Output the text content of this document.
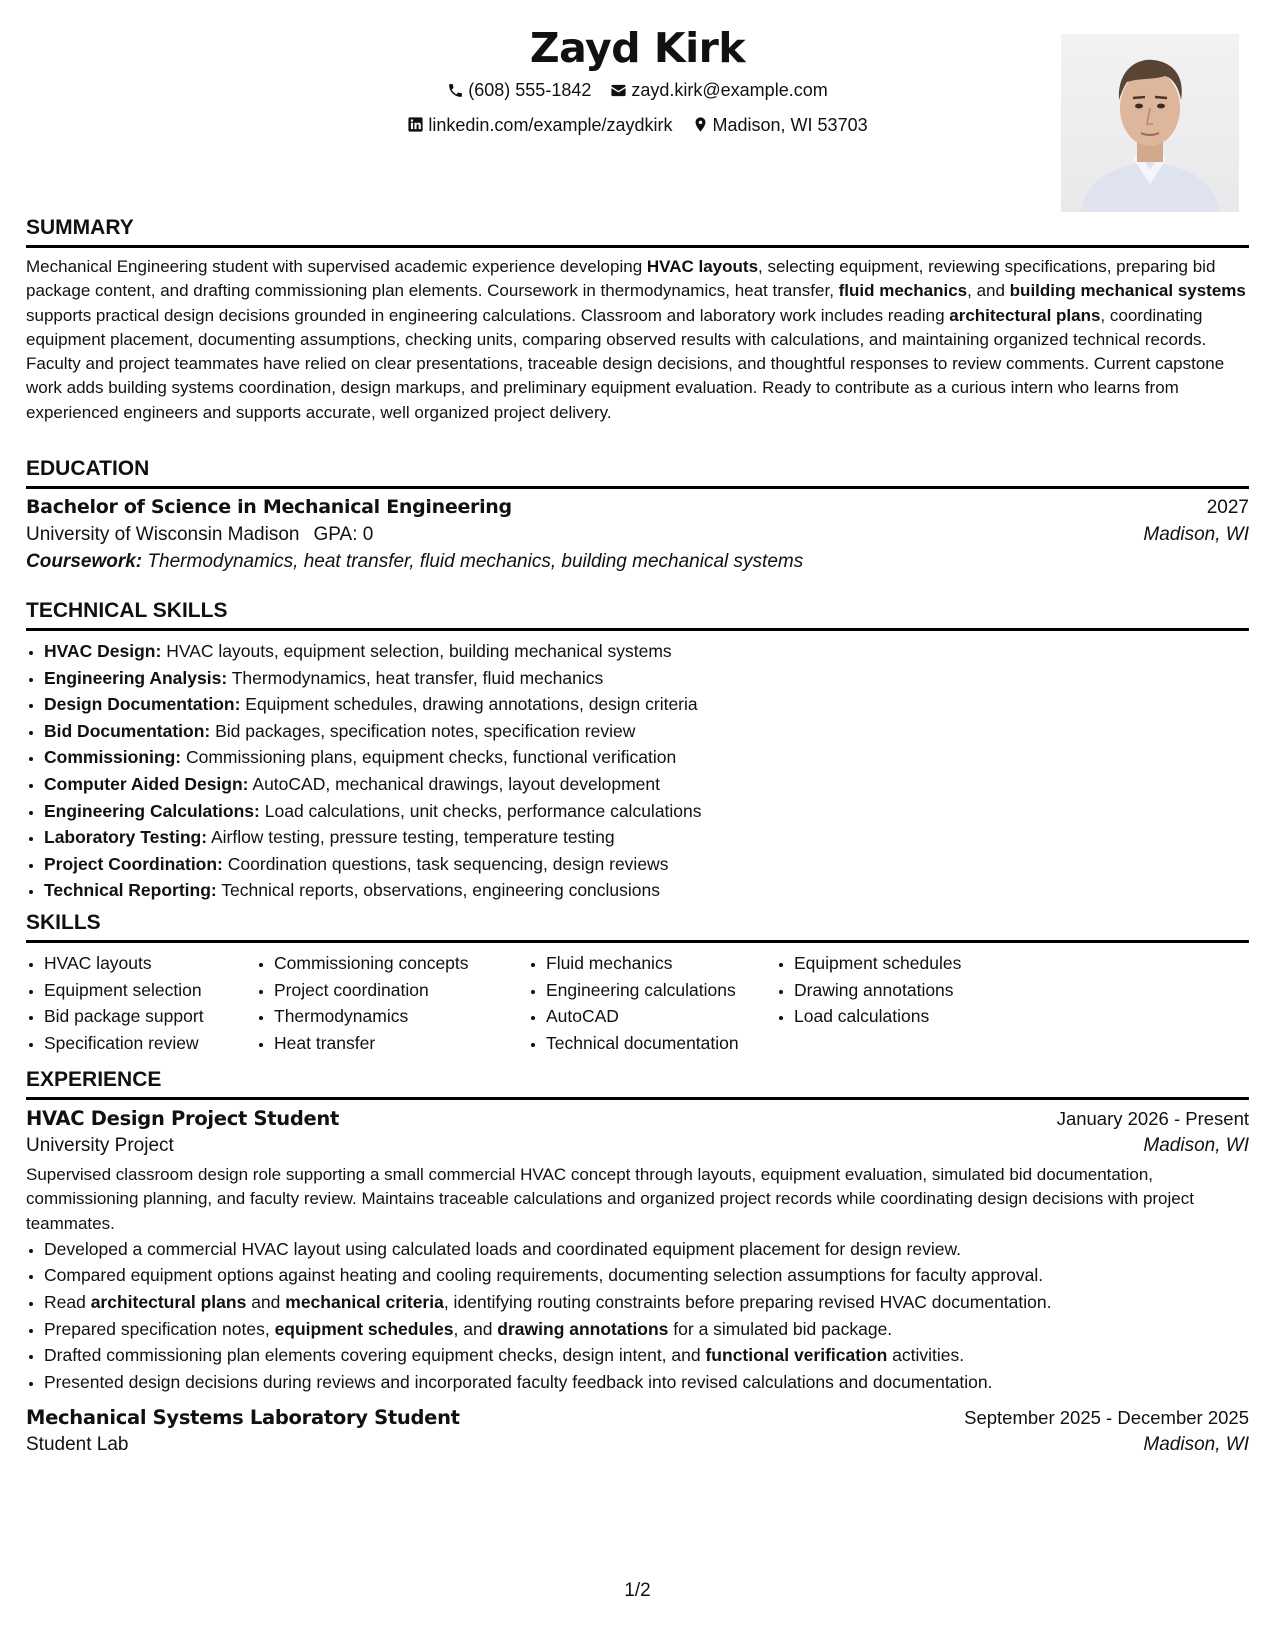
Zayd Kirk
(608) 555-1842
zayd.kirk@example.com
linkedin.com/example/zaydkirk
Madison, WI 53703
SUMMARY

Mechanical Engineering student with supervised academic experience developing HVAC layouts, selecting equipment, reviewing specifications, preparing bid package content, and drafting commissioning plan elements. Coursework in thermodynamics, heat transfer, fluid mechanics, and building mechanical systems supports practical design decisions grounded in engineering calculations. Classroom and laboratory work includes reading architectural plans, coordinating equipment placement, documenting assumptions, checking units, comparing observed results with calculations, and maintaining organized technical records. Faculty and project teammates have relied on clear presentations, traceable design decisions, and thoughtful responses to review comments. Current capstone work adds building systems coordination, design markups, and preliminary equipment evaluation. Ready to contribute as a curious intern who learns from experienced engineers and supports accurate, well organized project delivery.

EDUCATION
Bachelor of Science in Mechanical Engineering	2027
University of Wisconsin Madison GPA: 0	Madison, WI
Coursework: Thermodynamics, heat transfer, fluid mechanics, building mechanical systems
TECHNICAL SKILLS
• HVAC Design: HVAC layouts, equipment selection, building mechanical systems
• Engineering Analysis: Thermodynamics, heat transfer, fluid mechanics
• Design Documentation: Equipment schedules, drawing annotations, design criteria
• Bid Documentation: Bid packages, specification notes, specification review
• Commissioning: Commissioning plans, equipment checks, functional verification
• Computer Aided Design: AutoCAD, mechanical drawings, layout development
• Engineering Calculations: Load calculations, unit checks, performance calculations
• Laboratory Testing: Airflow testing, pressure testing, temperature testing
• Project Coordination: Coordination questions, task sequencing, design reviews
• Technical Reporting: Technical reports, observations, engineering conclusions
SKILLS
• HVAC layouts
• Equipment selection
• Bid package support
• Specification review
• Commissioning concepts
• Project coordination
• Thermodynamics
• Heat transfer
• Fluid mechanics
• Engineering calculations
• AutoCAD
• Technical documentation
• Equipment schedules
• Drawing annotations
• Load calculations
EXPERIENCE
HVAC Design Project Student	January 2026 - Present
University Project	Madison, WI

Supervised classroom design role supporting a small commercial HVAC concept through layouts, equipment evaluation, simulated bid documentation, commissioning planning, and faculty review. Maintains traceable calculations and organized project records while coordinating design decisions with project teammates.

• Developed a commercial HVAC layout using calculated loads and coordinated equipment placement for design review.
• Compared equipment options against heating and cooling requirements, documenting selection assumptions for faculty approval.
• Read architectural plans and mechanical criteria, identifying routing constraints before preparing revised HVAC documentation.
• Prepared specification notes, equipment schedules, and drawing annotations for a simulated bid package.
• Drafted commissioning plan elements covering equipment checks, design intent, and functional verification activities.
• Presented design decisions during reviews and incorporated faculty feedback into revised calculations and documentation.
Mechanical Systems Laboratory Student	September 2025 - December 2025
Student Lab	Madison, WI
1/2
